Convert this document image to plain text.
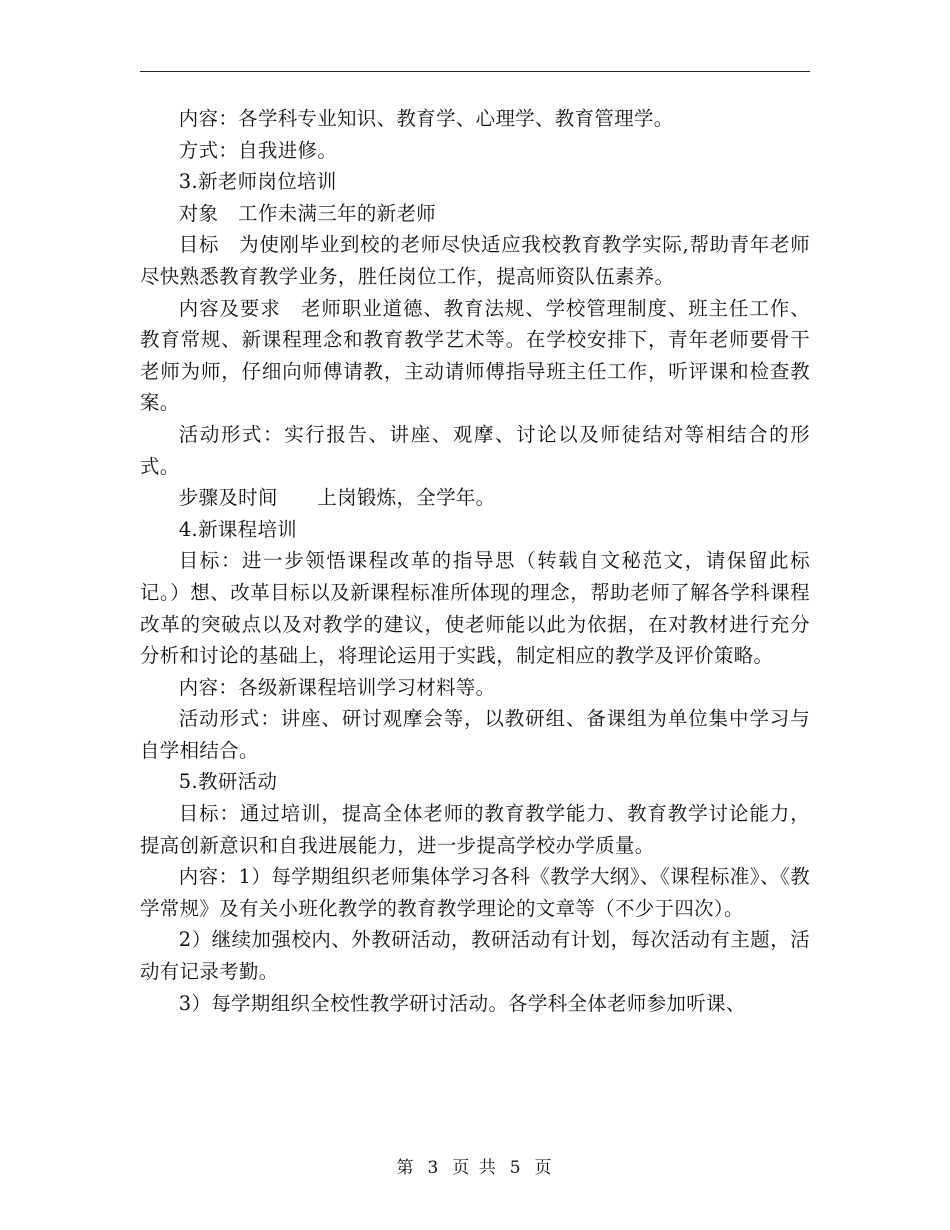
内容：各学科专业知识、教育学、心理学、教育管理学。

方式：自我进修。

3.新老师岗位培训

对象　工作未满三年的新老师

目标　为使刚毕业到校的老师尽快适应我校教育教学实际,帮助青年老师尽快熟悉教育教学业务，胜任岗位工作，提高师资队伍素养。

内容及要求　老师职业道德、教育法规、学校管理制度、班主任工作、教育常规、新课程理念和教育教学艺术等。在学校安排下，青年老师要骨干老师为师，仔细向师傅请教，主动请师傅指导班主任工作，听评课和检查教案。

活动形式：实行报告、讲座、观摩、讨论以及师徒结对等相结合的形式。

步骤及时间　　上岗锻炼，全学年。

4.新课程培训

目标：进一步领悟课程改革的指导思（转载自文秘范文，请保留此标记。）想、改革目标以及新课程标准所体现的理念，帮助老师了解各学科课程改革的突破点以及对教学的建议，使老师能以此为依据，在对教材进行充分分析和讨论的基础上，将理论运用于实践，制定相应的教学及评价策略。

内容：各级新课程培训学习材料等。

活动形式：讲座、研讨观摩会等，以教研组、备课组为单位集中学习与自学相结合。

5.教研活动

目标：通过培训，提高全体老师的教育教学能力、教育教学讨论能力，提高创新意识和自我进展能力，进一步提高学校办学质量。

内容：1）每学期组织老师集体学习各科《教学大纲》、《课程标准》、《教学常规》及有关小班化教学的教育教学理论的文章等（不少于四次）。

2）继续加强校内、外教研活动，教研活动有计划，每次活动有主题，活动有记录考勤。

3）每学期组织全校性教学研讨活动。各学科全体老师参加听课、

第 3 页 共 5 页
